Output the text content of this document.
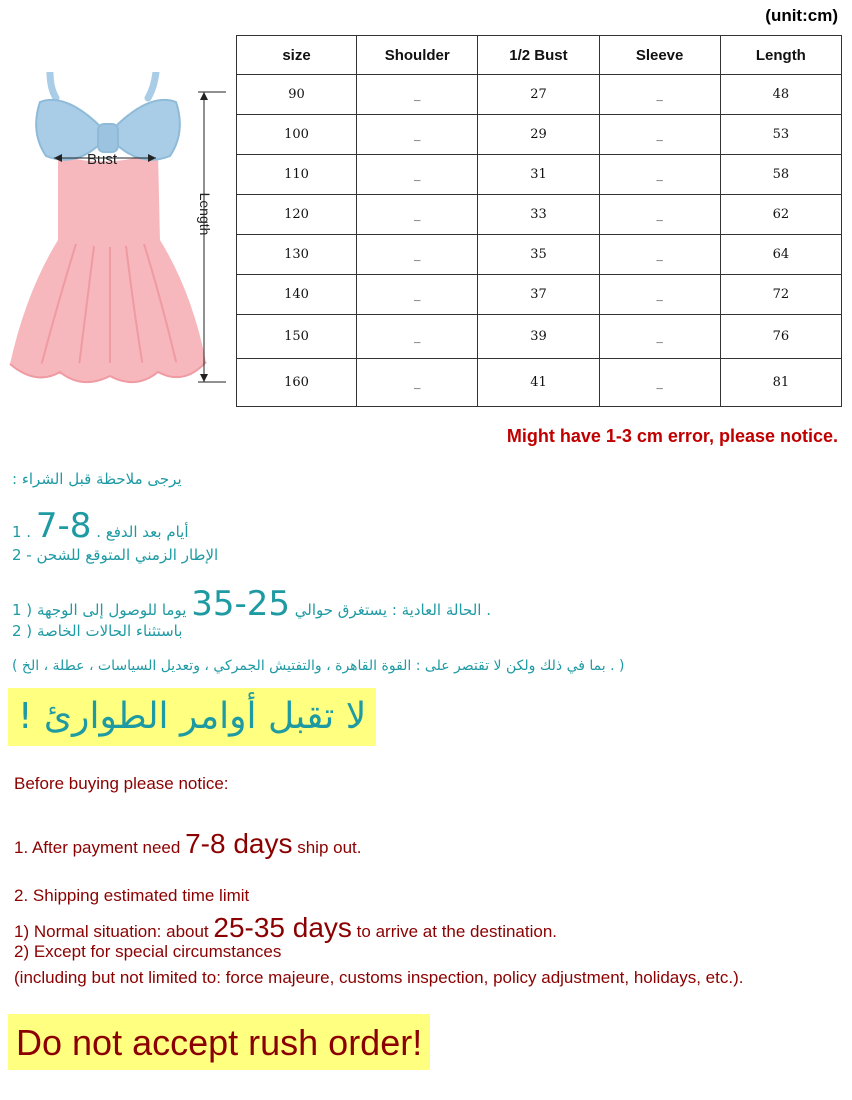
(unit:cm)
Bust
Length
size	Shoulder	1/2 Bust	Sleeve	Length
90	_	27	_	48
100	_	29	_	53
110	_	31	_	58
120	_	33	_	62
130	_	35	_	64
140	_	37	_	72
150	_	39	_	76
160	_	41	_	81
Might have 1-3 cm error, please notice.
يرجى ملاحظة قبل الشراء :
1 . 7-8 أيام بعد الدفع .
2 - الإطار الزمني المتوقع للشحن
1 ) الحالة العادية : يستغرق حوالي 25-35 يوما للوصول إلى الوجهة .
2 ) باستثناء الحالات الخاصة
( بما في ذلك ولكن لا تقتصر على : القوة القاهرة ، والتفتيش الجمركي ، وتعديل السياسات ، عطلة ، الخ . )
لا تقبل أوامر الطوارئ !
Before buying please notice:
1. After payment need 7-8 days ship out.
2. Shipping estimated time limit
1) Normal situation: about 25-35 days to arrive at the destination.
2) Except for special circumstances
(including but not limited to: force majeure, customs inspection, policy adjustment, holidays, etc.).
Do not accept rush order!
